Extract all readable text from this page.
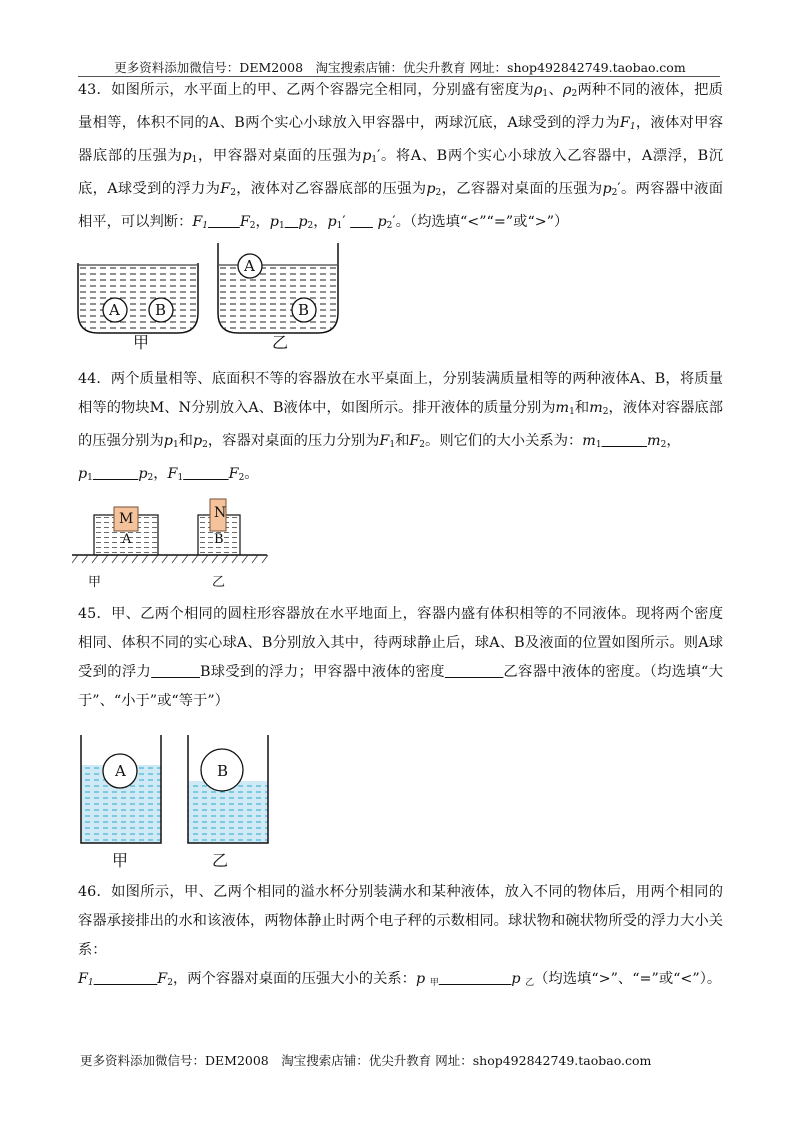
更多资料添加微信号：DEM2008　淘宝搜索店铺：优尖升教育 网址：shop492842749.taobao.com

43．如图所示，水平面上的甲、乙两个容器完全相同，分别盛有密度为$\rho_1$、$\rho_2$两种不同的液体，把质量相等，体积不同的A、B两个实心小球放入甲容器中，两球沉底，A球受到的浮力为$F_1$，液体对甲容器底部的压强为$p_1$，甲容器对桌面的压强为$p_1'$。将A、B两个实心小球放入乙容器中，A漂浮，B沉底，A球受到的浮力为$F_2$，液体对乙容器底部的压强为$p_2$，乙容器对桌面的压强为$p_2'$。两容器中液面相平，可以判断：$F_1$ $F_2$，$p_1$ $p_2$，$p_1'$       $p_2'$。（均选填“<”“=”或“>”）

A B
A
B
甲	乙

44．两个质量相等、底面积不等的容器放在水平桌面上，分别装满质量相等的两种液体A、B，将质量相等的物块M、N分别放入A、B液体中，如图所示。排开液体的质量分别为$m_1$和$m_2$，液体对容器底部的压强分别为$p_1$和$p_2$，容器对桌面的压力分别为$F_1$和$F_2$。则它们的大小关系为：$m_1$	$m_2$，
$p_1$	$p_2$，$F_1$	$F_2$。

M	N
A	B
甲	乙

45．甲、乙两个相同的圆柱形容器放在水平地面上，容器内盛有体积相等的不同液体。现将两个密度相同、体积不同的实心球A、B分别放入其中，待两球静止后，球A、B及液面的位置如图所示。则A球受到的浮力	B球受到的浮力；甲容器中液体的密度	乙容器中液体的密度。（均选填“大于”、“小于”或“等于”）

A	B
甲	乙

46．如图所示，甲、乙两个相同的溢水杯分别装满水和某种液体，放入不同的物体后，用两个相同的容器承接排出的水和该液体，两物体静止时两个电子秤的示数相同。球状物和碗状物所受的浮力大小关系：
$F_1$	$F_2$，两个容器对桌面的压强大小的关系：p $_甲$	p $_乙$（均选填“>”、“=”或“<”）。

更多资料添加微信号：DEM2008　淘宝搜索店铺：优尖升教育 网址：shop492842749.taobao.com
